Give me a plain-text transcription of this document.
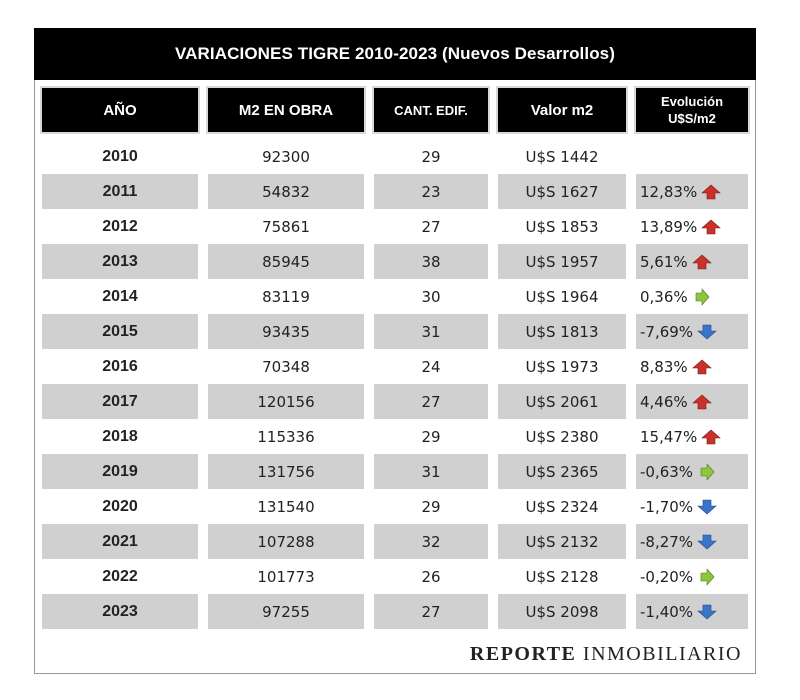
VARIACIONES TIGRE 2010-2023 (Nuevos Desarrollos)
AÑO	M2 EN OBRA	CANT. EDIF.	Valor m2	Evolución
U$S/m2
2010	92300	29	U$S 1442
2011	54832	23	U$S 1627	12,83%
2012	75861	27	U$S 1853	13,89%
2013	85945	38	U$S 1957	5,61%
2014	83119	30	U$S 1964	0,36%
2015	93435	31	U$S 1813	-7,69%
2016	70348	24	U$S 1973	8,83%
2017	120156	27	U$S 2061	4,46%
2018	115336	29	U$S 2380	15,47%
2019	131756	31	U$S 2365	-0,63%
2020	131540	29	U$S 2324	-1,70%
2021	107288	32	U$S 2132	-8,27%
2022	101773	26	U$S 2128	-0,20%
2023	97255	27	U$S 2098	-1,40%
REPORTE INMOBILIARIO
